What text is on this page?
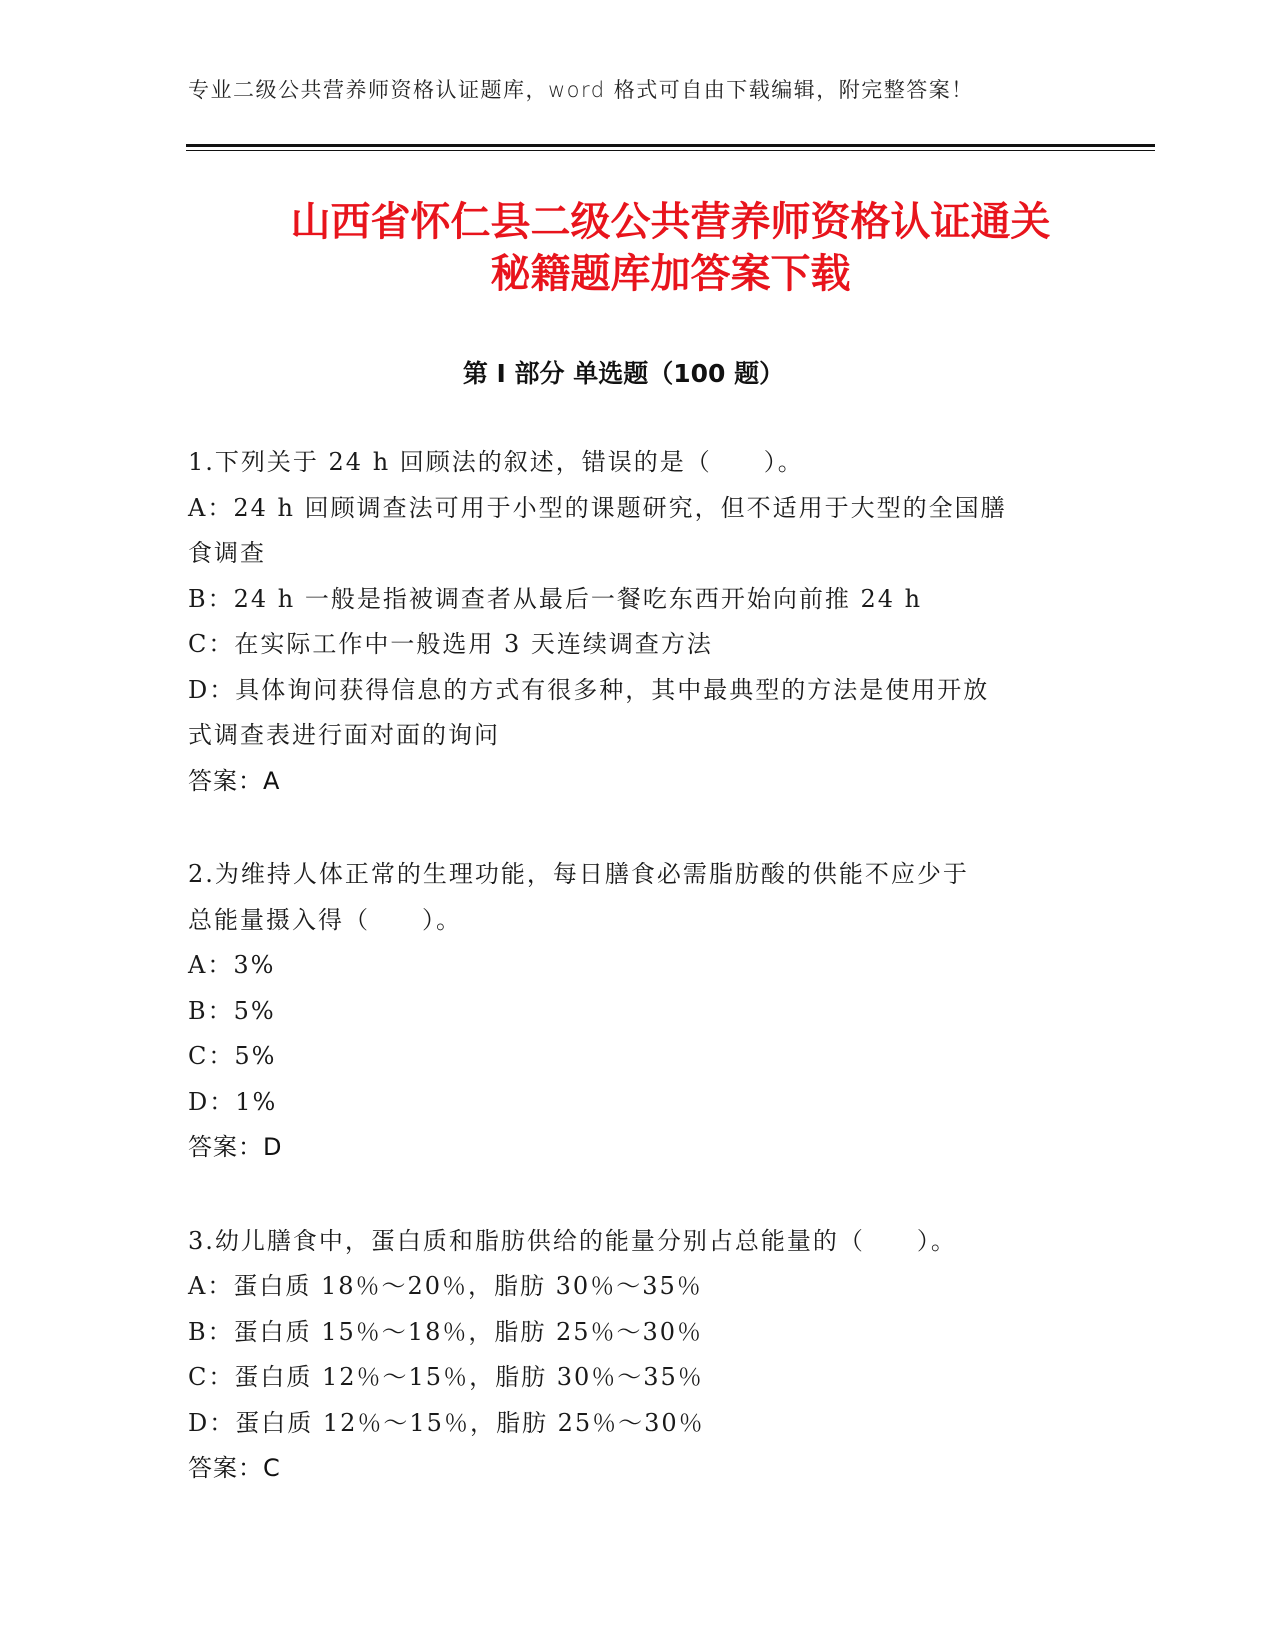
专业二级公共营养师资格认证题库，word 格式可自由下载编辑，附完整答案！
山西省怀仁县二级公共营养师资格认证通关
秘籍题库加答案下载
第 I 部分 单选题（100 题）
1.下列关于 24 h 回顾法的叙述，错误的是（　　）。
A：24 h 回顾调查法可用于小型的课题研究，但不适用于大型的全国膳
食调查
B：24 h 一般是指被调查者从最后一餐吃东西开始向前推 24 h
C：在实际工作中一般选用 3 天连续调查方法
D：具体询问获得信息的方式有很多种，其中最典型的方法是使用开放
式调查表进行面对面的询问
答案：A
2.为维持人体正常的生理功能，每日膳食必需脂肪酸的供能不应少于
总能量摄入得（　　）。
A：3%
B：5%
C：5%
D：1%
答案：D
3.幼儿膳食中，蛋白质和脂肪供给的能量分别占总能量的（　　）。
A：蛋白质 18％～20％，脂肪 30％～35％
B：蛋白质 15％～18％，脂肪 25％～30％
C：蛋白质 12％～15％，脂肪 30％～35％
D：蛋白质 12％～15％，脂肪 25％～30％
答案：C
